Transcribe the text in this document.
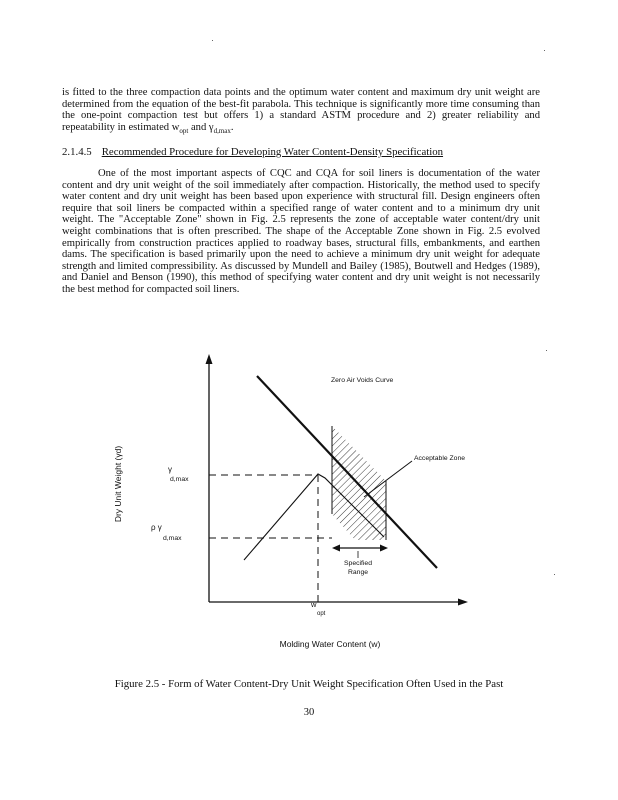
is fitted to the three compaction data points and the optimum water content and maximum dry unit weight are determined from the equation of the best-fit parabola. This technique is significantly more time consuming than the one-point compaction test but offers 1) a standard ASTM procedure and 2) greater reliability and repeatability in estimated $w_{opt}$ and $\gamma_{d,max}$.

2.1.4.5 Recommended Procedure for Developing Water Content-Density Specification

One of the most important aspects of CQC and CQA for soil liners is documentation of the water content and dry unit weight of the soil immediately after compaction. Historically, the method used to specify water content and dry unit weight has been based upon experience with structural fill. Design engineers often require that soil liners be compacted within a specified range of water content and to a minimum dry unit weight. The "Acceptable Zone" shown in Fig. 2.5 represents the zone of acceptable water content/dry unit weight combinations that is often prescribed. The shape of the Acceptable Zone shown in Fig. 2.5 evolved empirically from construction practices applied to roadway bases, structural fills, embankments, and earthen dams. The specification is based primarily upon the need to achieve a minimum dry unit weight for adequate strength and limited compressibility. As discussed by Mundell and Bailey (1985), Boutwell and Hedges (1989), and Daniel and Benson (1990), this method of specifying water content and dry unit weight is not necessarily the best method for compacted soil liners.

Zero Air Voids Curve
Acceptable Zone
Specified
Range
γ
d,max
ρ γ
d,max
w
opt
Molding Water Content (w)
Dry Unit Weight (γd)

Figure 2.5 - Form of Water Content-Dry Unit Weight Specification Often Used in the Past

30
